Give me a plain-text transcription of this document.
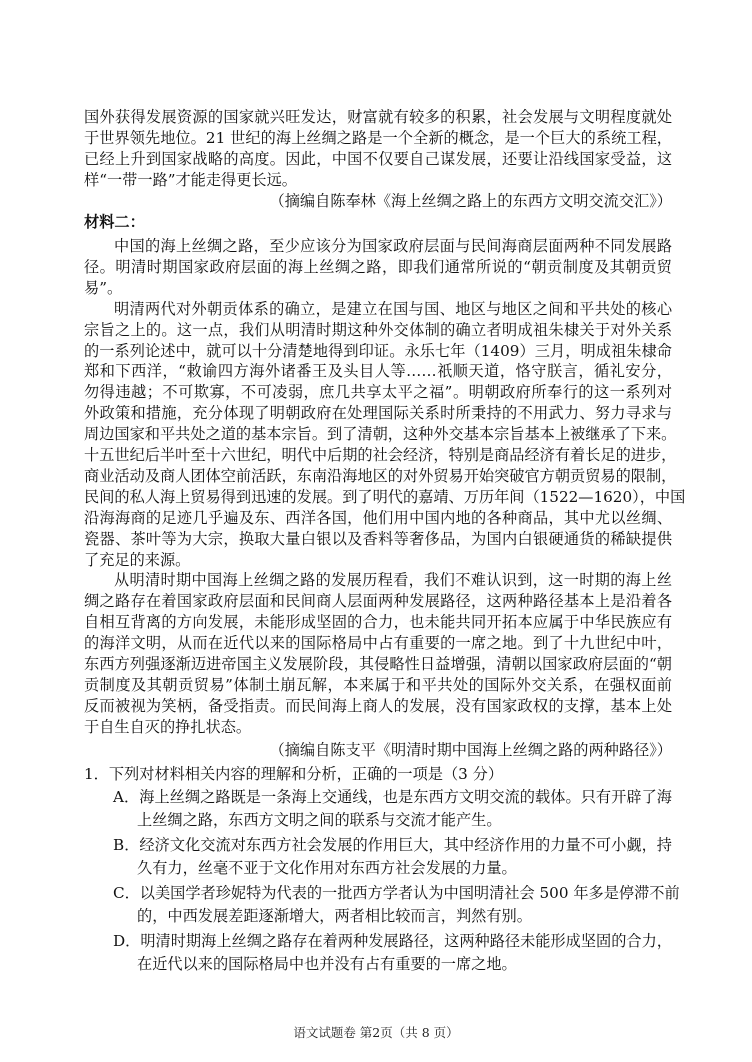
国外获得发展资源的国家就兴旺发达，财富就有较多的积累，社会发展与文明程度就处
于世界领先地位。21 世纪的海上丝绸之路是一个全新的概念，是一个巨大的系统工程，
已经上升到国家战略的高度。因此，中国不仅要自己谋发展，还要让沿线国家受益，这
样“一带一路”才能走得更长远。
（摘编自陈奉林《海上丝绸之路上的东西方文明交流交汇》）
材料二：
中国的海上丝绸之路，至少应该分为国家政府层面与民间海商层面两种不同发展路
径。明清时期国家政府层面的海上丝绸之路，即我们通常所说的“朝贡制度及其朝贡贸
易”。
明清两代对外朝贡体系的确立，是建立在国与国、地区与地区之间和平共处的核心
宗旨之上的。这一点，我们从明清时期这种外交体制的确立者明成祖朱棣关于对外关系
的一系列论述中，就可以十分清楚地得到印证。永乐七年（1409）三月，明成祖朱棣命
郑和下西洋，“敕谕四方海外诸番王及头目人等……祇顺天道，恪守朕言，循礼安分，
勿得违越；不可欺寡，不可凌弱，庶几共享太平之福”。明朝政府所奉行的这一系列对
外政策和措施，充分体现了明朝政府在处理国际关系时所秉持的不用武力、努力寻求与
周边国家和平共处之道的基本宗旨。到了清朝，这种外交基本宗旨基本上被继承了下来。
十五世纪后半叶至十六世纪，明代中后期的社会经济，特别是商品经济有着长足的进步，
商业活动及商人团体空前活跃，东南沿海地区的对外贸易开始突破官方朝贡贸易的限制，
民间的私人海上贸易得到迅速的发展。到了明代的嘉靖、万历年间（1522—1620），中国
沿海海商的足迹几乎遍及东、西洋各国，他们用中国内地的各种商品，其中尤以丝绸、
瓷器、茶叶等为大宗，换取大量白银以及香料等奢侈品，为国内白银硬通货的稀缺提供
了充足的来源。
从明清时期中国海上丝绸之路的发展历程看，我们不难认识到，这一时期的海上丝
绸之路存在着国家政府层面和民间商人层面两种发展路径，这两种路径基本上是沿着各
自相互背离的方向发展，未能形成坚固的合力，也未能共同开拓本应属于中华民族应有
的海洋文明，从而在近代以来的国际格局中占有重要的一席之地。到了十九世纪中叶，
东西方列强逐渐迈进帝国主义发展阶段，其侵略性日益增强，清朝以国家政府层面的“朝
贡制度及其朝贡贸易”体制土崩瓦解，本来属于和平共处的国际外交关系，在强权面前
反而被视为笑柄，备受指责。而民间海上商人的发展，没有国家政权的支撑，基本上处
于自生自灭的挣扎状态。
（摘编自陈支平《明清时期中国海上丝绸之路的两种路径》）
1．下列对材料相关内容的理解和分析，正确的一项是（3 分）
A．海上丝绸之路既是一条海上交通线，也是东西方文明交流的载体。只有开辟了海
上丝绸之路，东西方文明之间的联系与交流才能产生。
B．经济文化交流对东西方社会发展的作用巨大，其中经济作用的力量不可小觑，持
久有力，丝毫不亚于文化作用对东西方社会发展的力量。
C．以美国学者珍妮特为代表的一批西方学者认为中国明清社会 500 年多是停滞不前
的，中西发展差距逐渐增大，两者相比较而言，判然有别。
语文试题卷 第2页（共 8 页）
D．明清时期海上丝绸之路存在着两种发展路径，这两种路径未能形成坚固的合力，
在近代以来的国际格局中也并没有占有重要的一席之地。
